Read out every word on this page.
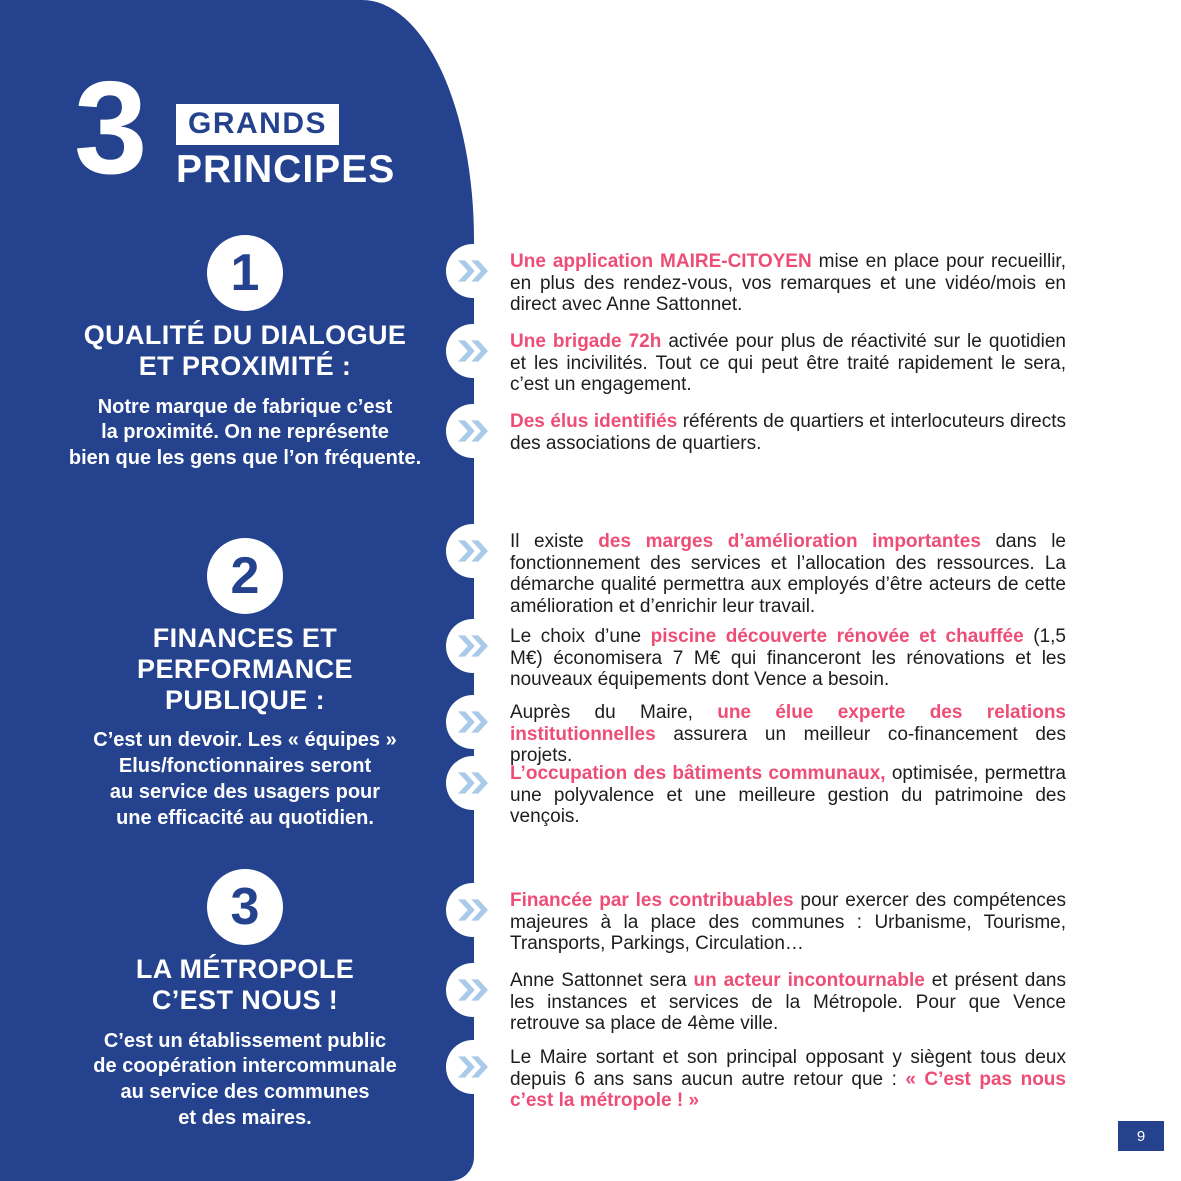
3	GRANDS
PRINCIPES
1
QUALITÉ DU DIALOGUE
ET PROXIMITÉ :

Notre marque de fabrique c’est
la proximité. On ne représente
bien que les gens que l’on fréquente.

2
FINANCES ET
PERFORMANCE
PUBLIQUE :

C’est un devoir. Les « équipes »
Elus/fonctionnaires seront
au service des usagers pour
une efficacité au quotidien.

3
LA MÉTROPOLE
C’EST NOUS !

C’est un établissement public
de coopération intercommunale
au service des communes
et des maires.

Une application MAIRE-CITOYEN mise en place pour recueillir, en plus des rendez-vous, vos remarques et une vidéo/mois en direct avec Anne Sattonnet.
Une brigade 72h activée pour plus de réactivité sur le quotidien et les incivilités. Tout ce qui peut être traité rapidement le sera, c’est un engagement.
Des élus identifiés référents de quartiers et interlocuteurs directs des associations de quartiers.
Il existe des marges d’amélioration importantes dans le fonctionnement des services et l’allocation des ressources. La démarche qualité permettra aux employés d’être acteurs de cette amélioration et d’enrichir leur travail.
Le choix d’une piscine découverte rénovée et chauffée (1,5 M€) économisera 7 M€ qui financeront les rénovations et les nouveaux équipements dont Vence a besoin.
Auprès du Maire, une élue experte des relations institutionnelles assurera un meilleur co-financement des projets.
L’occupation des bâtiments communaux, optimisée, permettra une polyvalence et une meilleure gestion du patrimoine des vençois.
Financée par les contribuables pour exercer des compétences majeures à la place des communes : Urbanisme, Tourisme, Transports, Parkings, Circulation…
Anne Sattonnet sera un acteur incontournable et présent dans les instances et services de la Métropole. Pour que Vence retrouve sa place de 4ème ville.
Le Maire sortant et son principal opposant y siègent tous deux depuis 6 ans sans aucun autre retour que : « C’est pas nous c’est la métropole ! »
9
